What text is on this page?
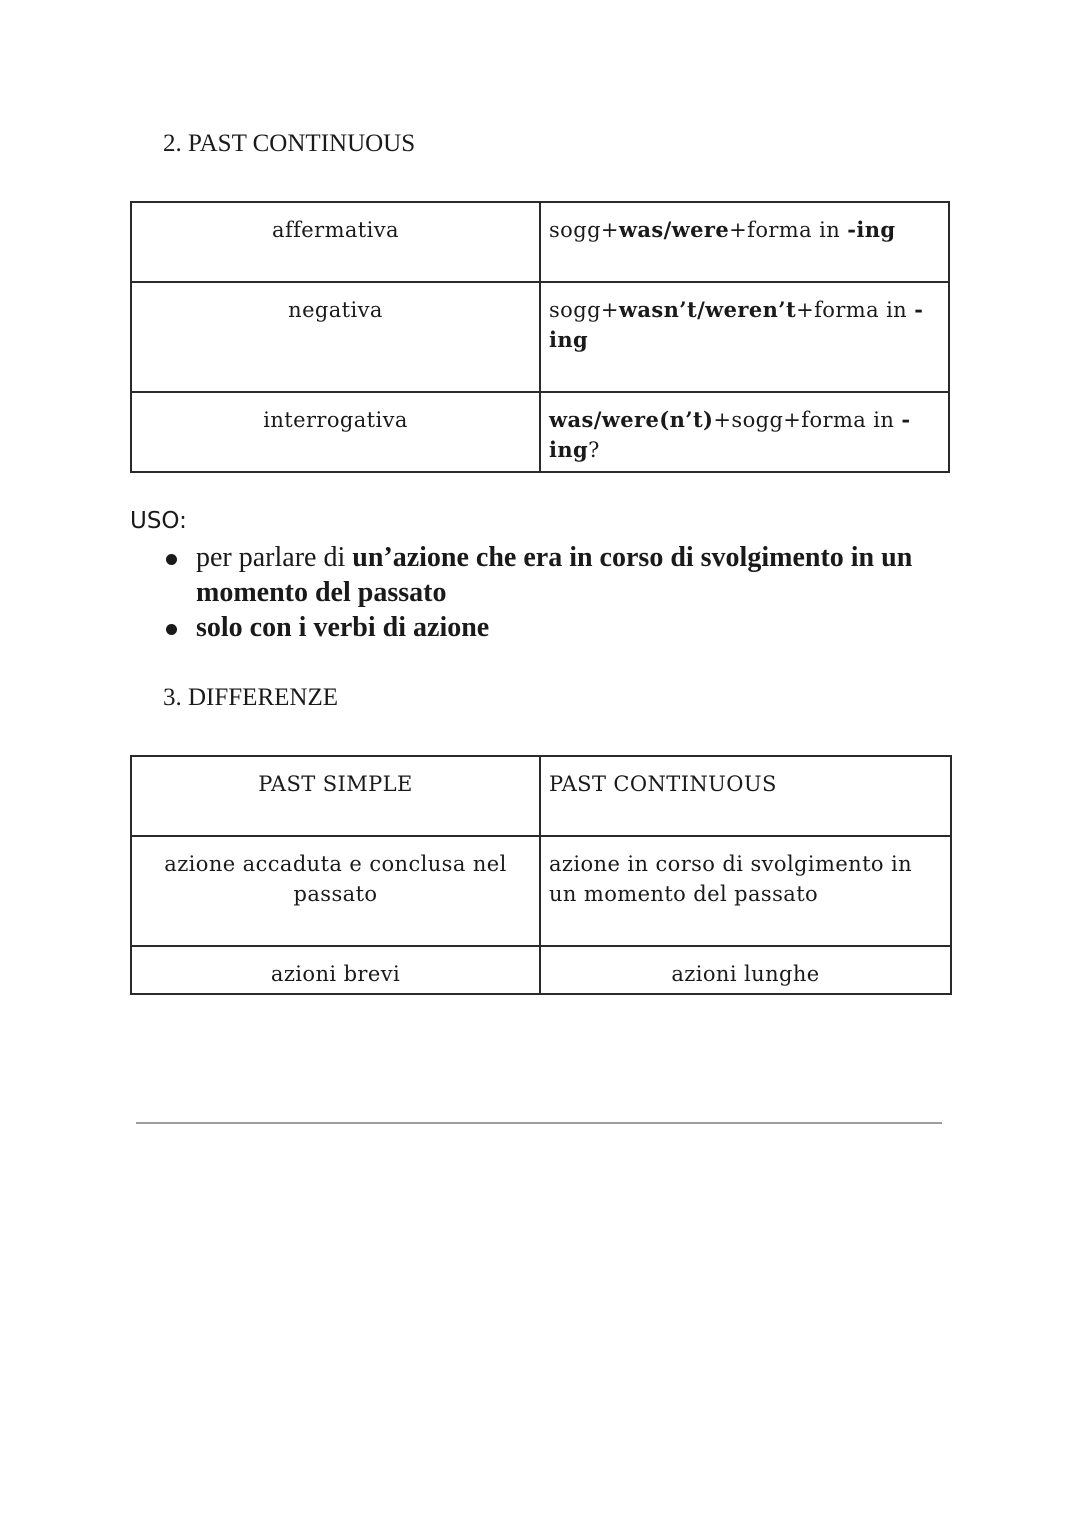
2. PAST CONTINUOUS
affermativa	sogg+was/were+forma in -ing
negativa	sogg+wasn’t/weren’t+forma in -ing
interrogativa	was/were(n’t)+sogg+forma in -ing?

USO:

per parlare di un’azione che era in corso di svolgimento in un momento del passato
solo con i verbi di azione
3. DIFFERENZE
PAST SIMPLE	PAST CONTINUOUS
azione accaduta e conclusa nel passato	azione in corso di svolgimento in un momento del passato
azioni brevi	azioni lunghe
